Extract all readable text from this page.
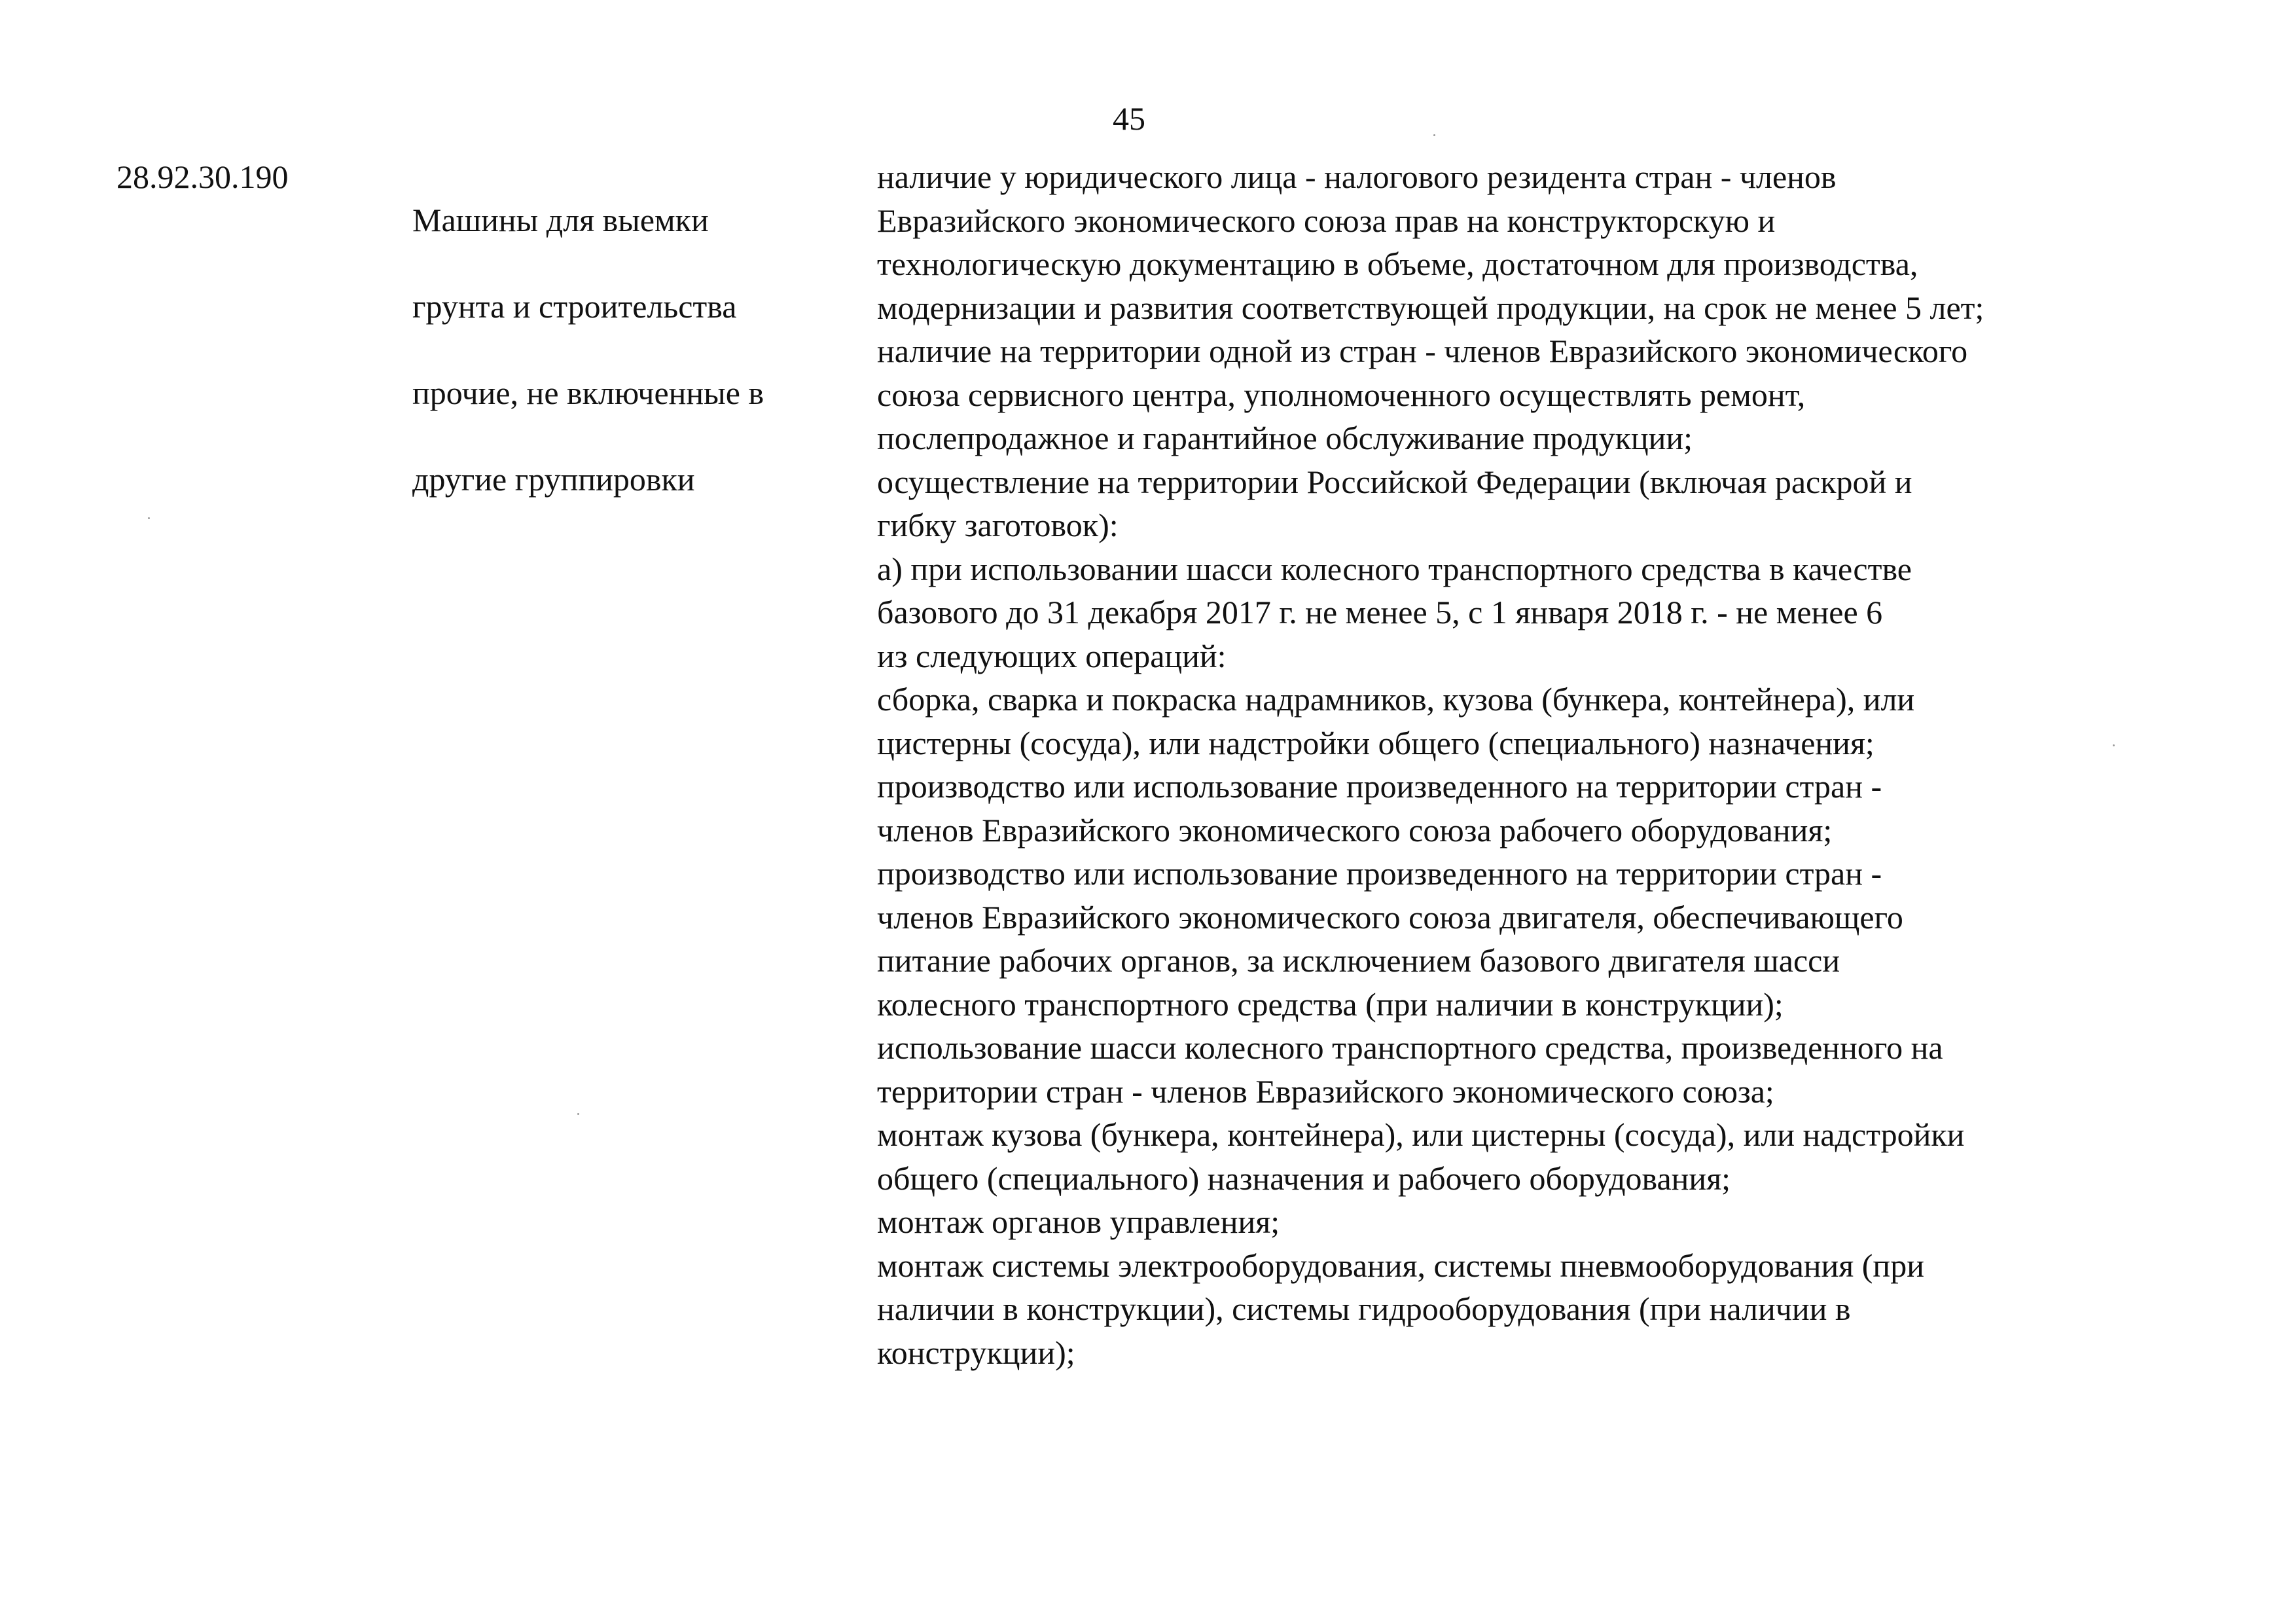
45
28.92.30.190

Машины для выемки

грунта и строительства

прочие, не включенные в

другие группировки

наличие у юридического лица - налогового резидента стран - членов
Евразийского экономического союза прав на конструкторскую и
технологическую документацию в объеме, достаточном для производства,
модернизации и развития соответствующей продукции, на срок не менее 5 лет;
наличие на территории одной из стран - членов Евразийского экономического
союза сервисного центра, уполномоченного осуществлять ремонт,
послепродажное и гарантийное обслуживание продукции;
осуществление на территории Российской Федерации (включая раскрой и
гибку заготовок):
а) при использовании шасси колесного транспортного средства в качестве
базового до 31 декабря 2017 г. не менее 5, с 1 января 2018 г. - не менее 6
из следующих операций:
сборка, сварка и покраска надрамников, кузова (бункера, контейнера), или
цистерны (сосуда), или надстройки общего (специального) назначения;
производство или использование произведенного на территории стран -
членов Евразийского экономического союза рабочего оборудования;
производство или использование произведенного на территории стран -
членов Евразийского экономического союза двигателя, обеспечивающего
питание рабочих органов, за исключением базового двигателя шасси
колесного транспортного средства (при наличии в конструкции);
использование шасси колесного транспортного средства, произведенного на
территории стран - членов Евразийского экономического союза;
монтаж кузова (бункера, контейнера), или цистерны (сосуда), или надстройки
общего (специального) назначения и рабочего оборудования;
монтаж органов управления;
монтаж системы электрооборудования, системы пневмооборудования (при
наличии в конструкции), системы гидрооборудования (при наличии в
конструкции);
